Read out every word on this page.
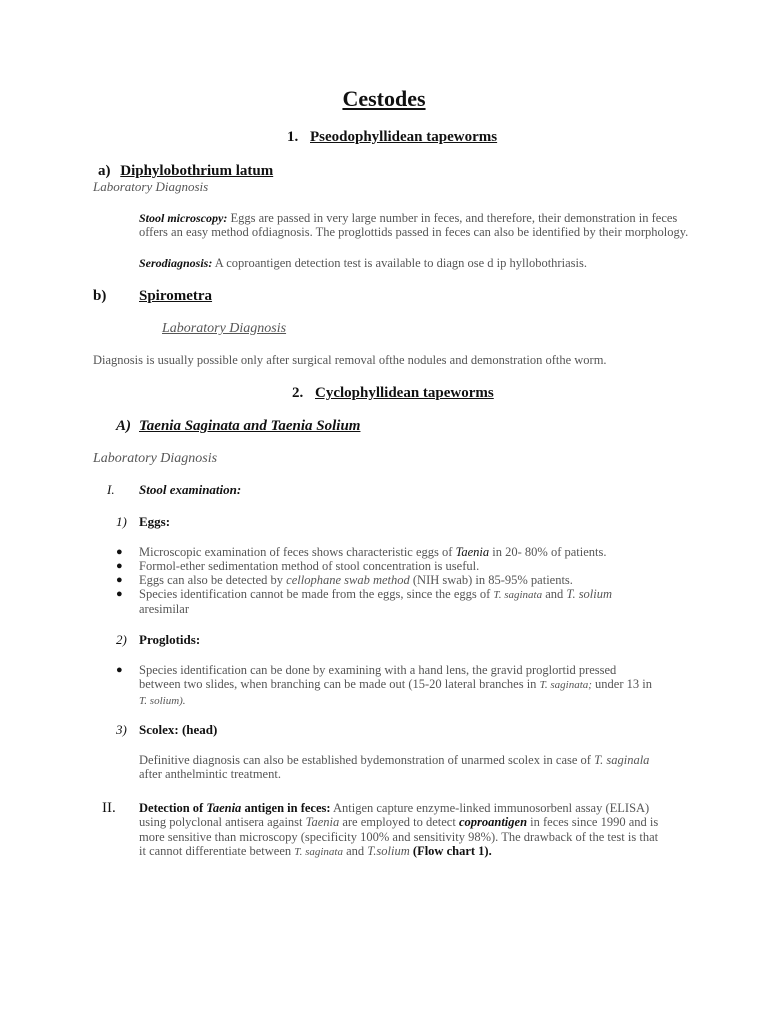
Cestodes
1. Pseodophyllidean tapeworms
a) Diphylobothrium latum
Laboratory Diagnosis
Stool microscopy: Eggs are passed in very large number in feces, and therefore, their demonstration in feces
offers an easy method ofdiagnosis. The proglottids passed in feces can also be identified by their morphology.
Serodiagnosis: A coproantigen detection test is available to diagn ose d ip hyllobothriasis.
b) Spirometra
Laboratory Diagnosis
Diagnosis is usually possible only after surgical removal ofthe nodules and demonstration ofthe worm.
2. Cyclophyllidean tapeworms
A) Taenia Saginata and Taenia Solium
Laboratory Diagnosis
I. Stool examination:
1) Eggs:
● Microscopic examination of feces shows characteristic eggs of Taenia in 20- 80% of patients.
● Formol-ether sedimentation method of stool concentration is useful.
● Eggs can also be detected by cellophane swab method (NIH swab) in 85-95% patients.
● Species identification cannot be made from the eggs, since the eggs of T. saginata and T. solium
aresimilar
2) Proglotids:
● Species identification can be done by examining with a hand lens, the gravid proglortid pressed
between two slides, when branching can be made out (15-20 lateral branches in T. saginata; under 13 in
T. solium).
3) Scolex: (head)
Definitive diagnosis can also be established bydemonstration of unarmed scolex in case of T. saginala
after anthelmintic treatment.
II. Detection of Taenia antigen in feces: Antigen capture enzyme-linked immunosorbenl assay (ELISA)
using polyclonal antisera against Taenia are employed to detect coproantigen in feces since 1990 and is
more sensitive than microscopy (specificity 100% and sensitivity 98%). The drawback of the test is that
it cannot differentiate between T. saginata and T.solium (Flow chart 1).
